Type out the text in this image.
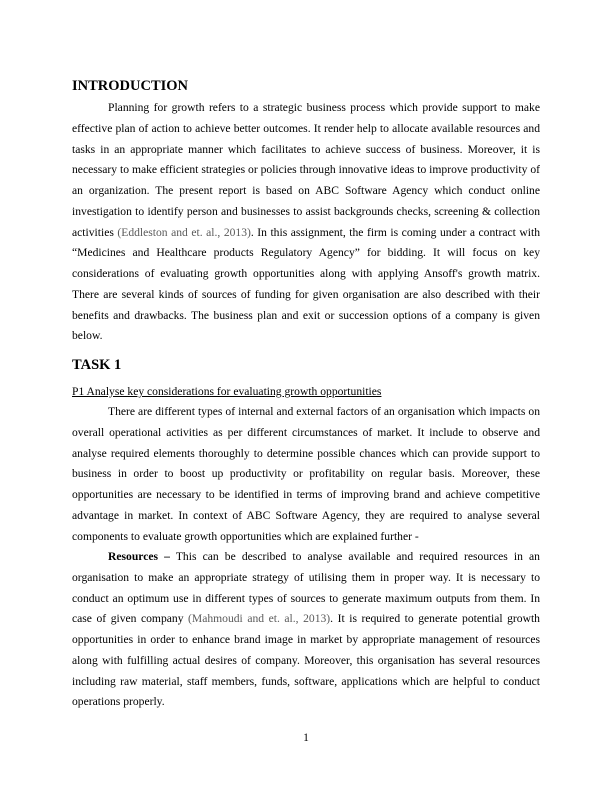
INTRODUCTION

Planning for growth refers to a strategic business process which provide support to make effective plan of action to achieve better outcomes. It render help to allocate available resources and tasks in an appropriate manner which facilitates to achieve success of business. Moreover, it is necessary to make efficient strategies or policies through innovative ideas to improve productivity of an organization. The present report is based on ABC Software Agency which conduct online investigation to identify person and businesses to assist backgrounds checks, screening & collection activities (Eddleston and et. al., 2013). In this assignment, the firm is coming under a contract with “Medicines and Healthcare products Regulatory Agency” for bidding. It will focus on key considerations of evaluating growth opportunities along with applying Ansoff's growth matrix. There are several kinds of sources of funding for given organisation are also described with their benefits and drawbacks. The business plan and exit or succession options of a company is given below.

TASK 1

P1 Analyse key considerations for evaluating growth opportunities

There are different types of internal and external factors of an organisation which impacts on overall operational activities as per different circumstances of market. It include to observe and analyse required elements thoroughly to determine possible chances which can provide support to business in order to boost up productivity or profitability on regular basis. Moreover, these opportunities are necessary to be identified in terms of improving brand and achieve competitive advantage in market. In context of ABC Software Agency, they are required to analyse several components to evaluate growth opportunities which are explained further -

Resources – This can be described to analyse available and required resources in an organisation to make an appropriate strategy of utilising them in proper way. It is necessary to conduct an optimum use in different types of sources to generate maximum outputs from them. In case of given company (Mahmoudi and et. al., 2013). It is required to generate potential growth opportunities in order to enhance brand image in market by appropriate management of resources along with fulfilling actual desires of company. Moreover, this organisation has several resources including raw material, staff members, funds, software, applications which are helpful to conduct operations properly.

1
